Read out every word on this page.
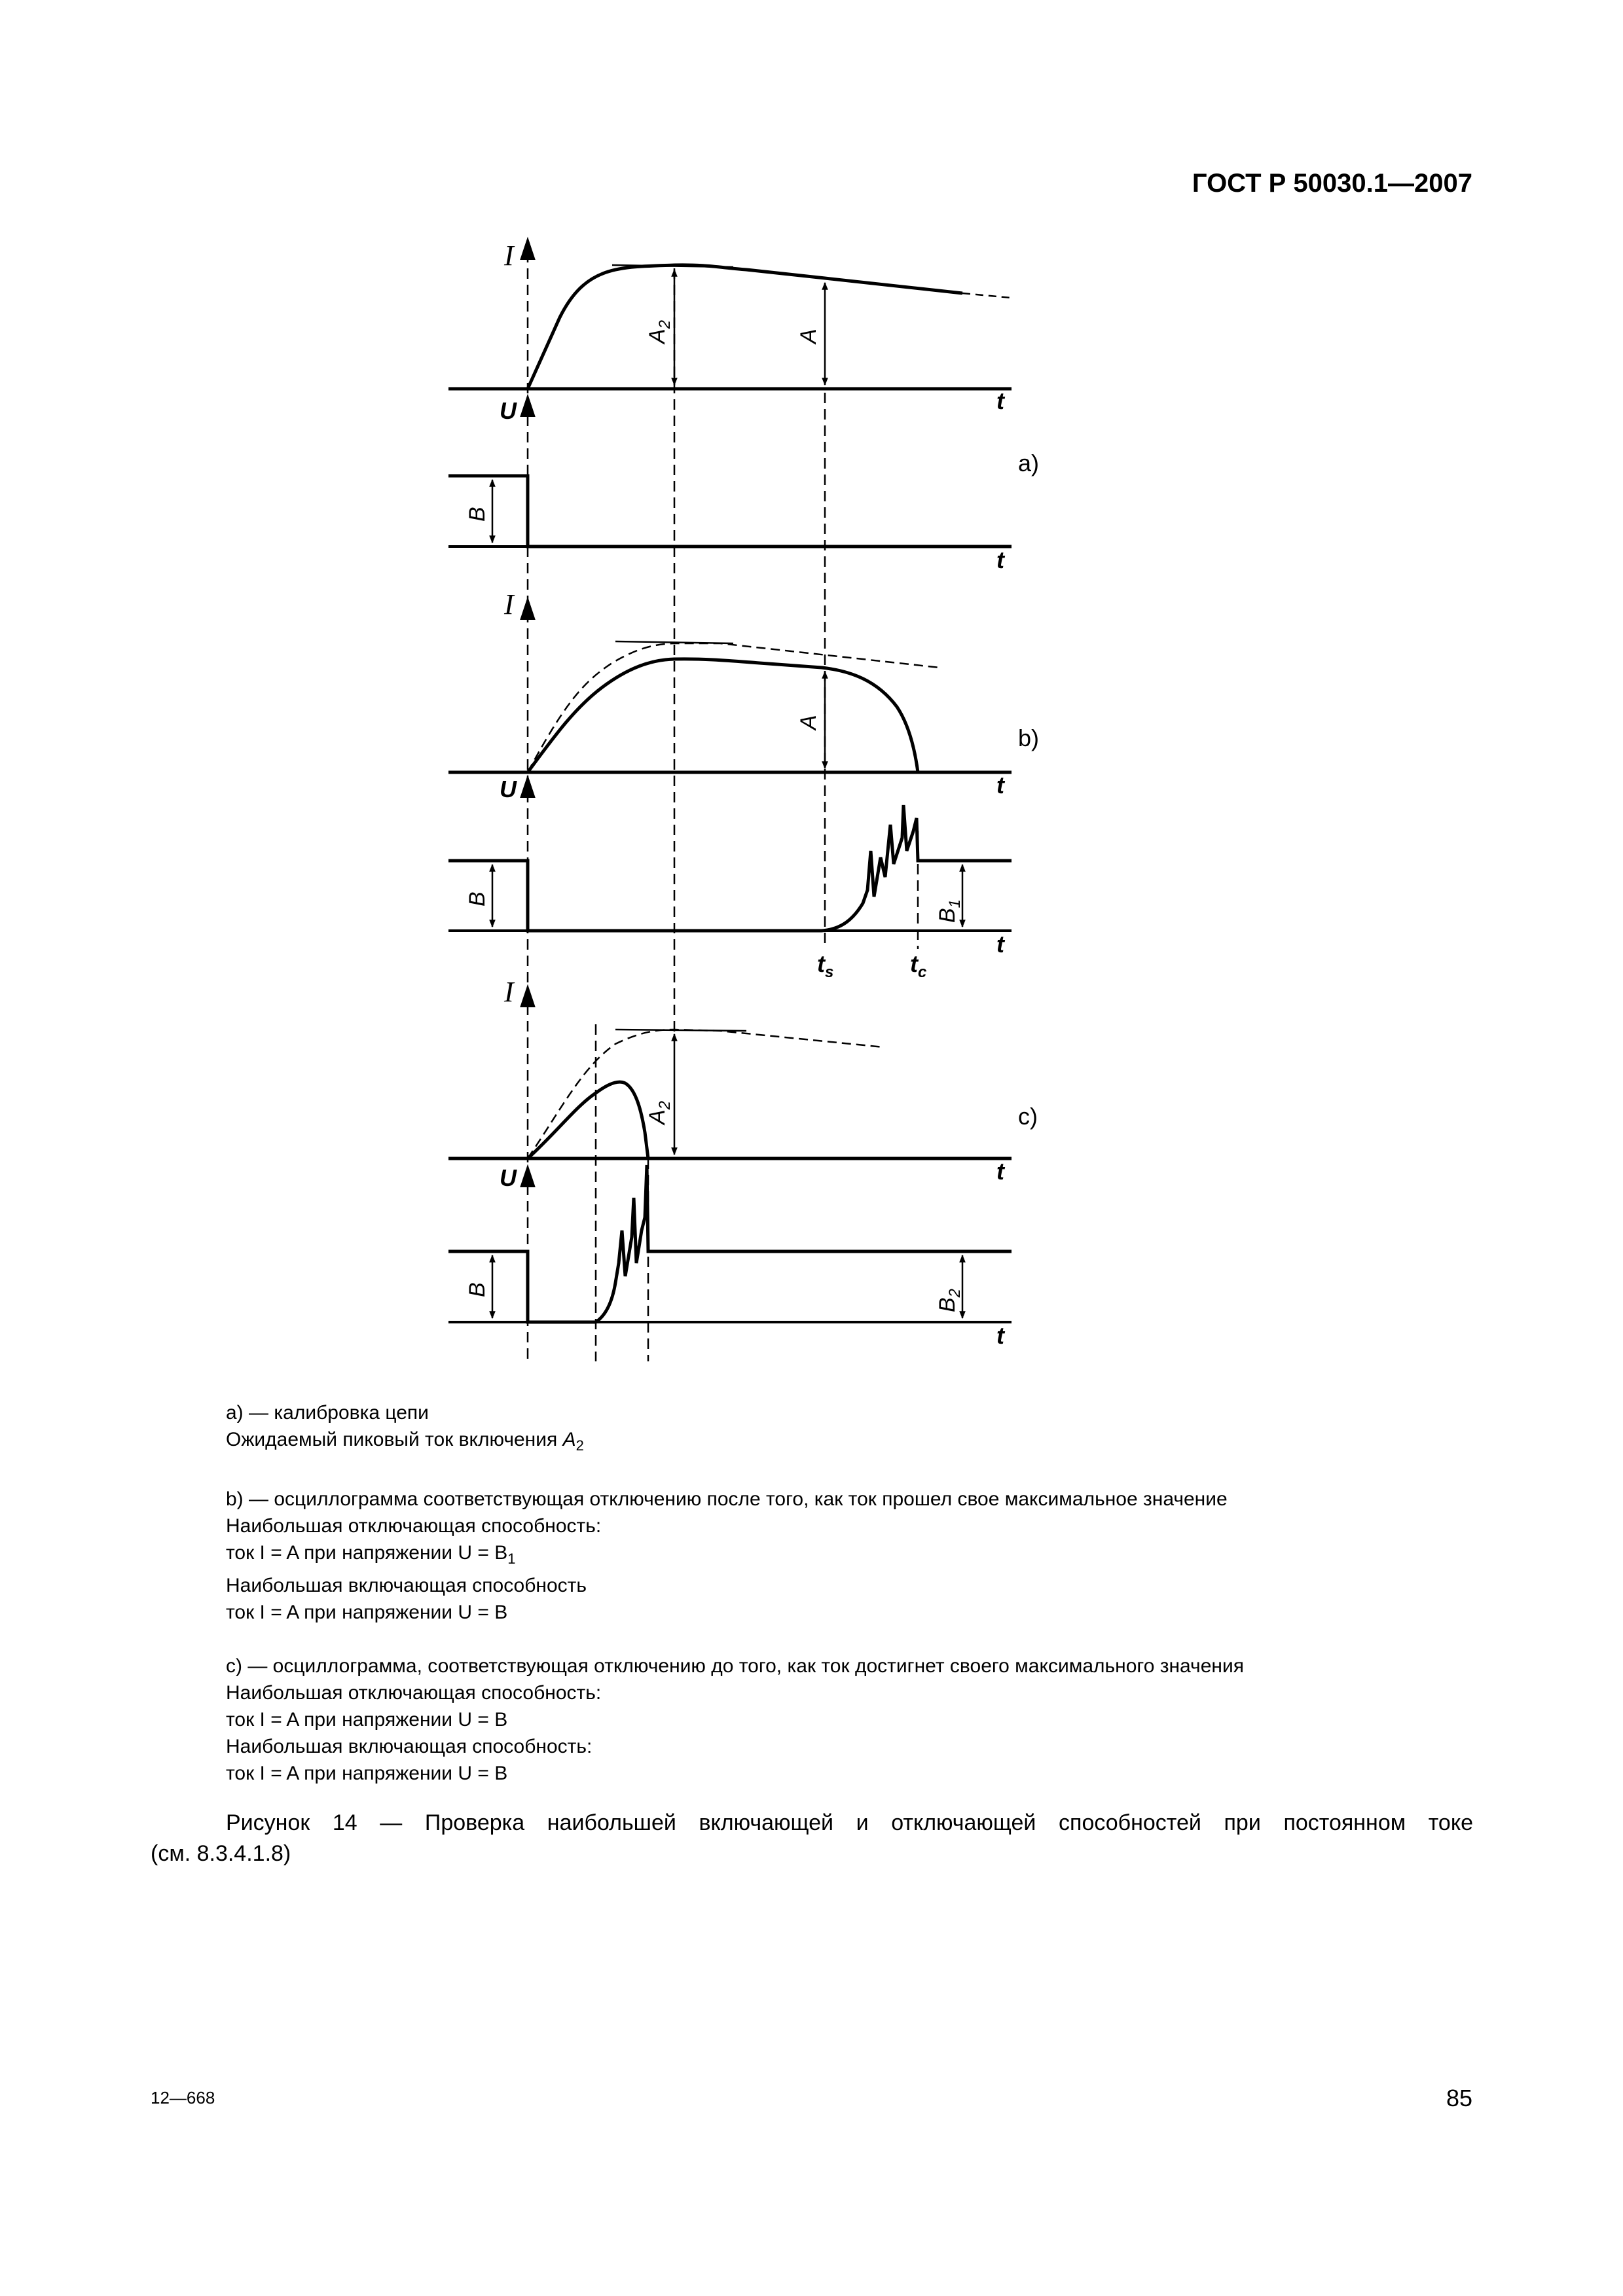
ГОСТ Р 50030.1—2007
I
I
I
U
U
U
t
t
t
t
t
t
$t_s$	$t_c$
a)
b)
c)
$A_2$
A
A
$A_2$
B
B
$B_1$
B
$B_2$

а) — калибровка цепи

Ожидаемый пиковый ток включения $A_2$

b) — осциллограмма соответствующая отключению после того, как ток прошел свое максимальное значение

Наибольшая отключающая способность:

ток I = A при напряжении $U = B_1$

Наибольшая включающая способность

ток I = A при напряжении U = B

c) — осциллограмма, соответствующая отключению до того, как ток достигнет своего максимального значения

Наибольшая отключающая способность:

ток I = A при напряжении U = B

Наибольшая включающая способность:

ток I = A при напряжении U = B

Рисунок 14 — Проверка наибольшей включающей и отключающей способностей при постоянном токе
(см. 8.3.4.1.8)
12—668	85
